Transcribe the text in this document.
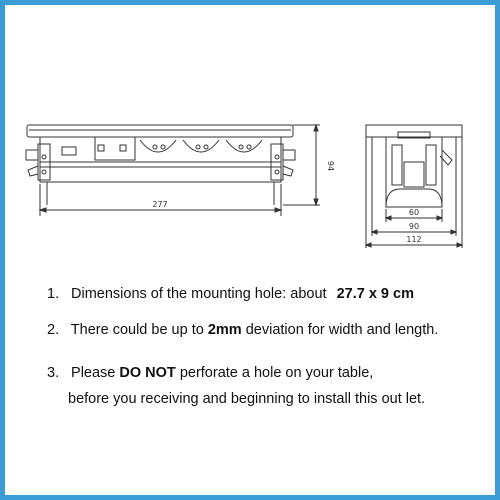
277
94
60
90
112
1. Dimensions of the mounting hole: about 27.7 x 9 cm
2. There could be up to 2mm deviation for width and length.
3. Please DO NOT perforate a hole on your table,
before you receiving and beginning to install this out let.
